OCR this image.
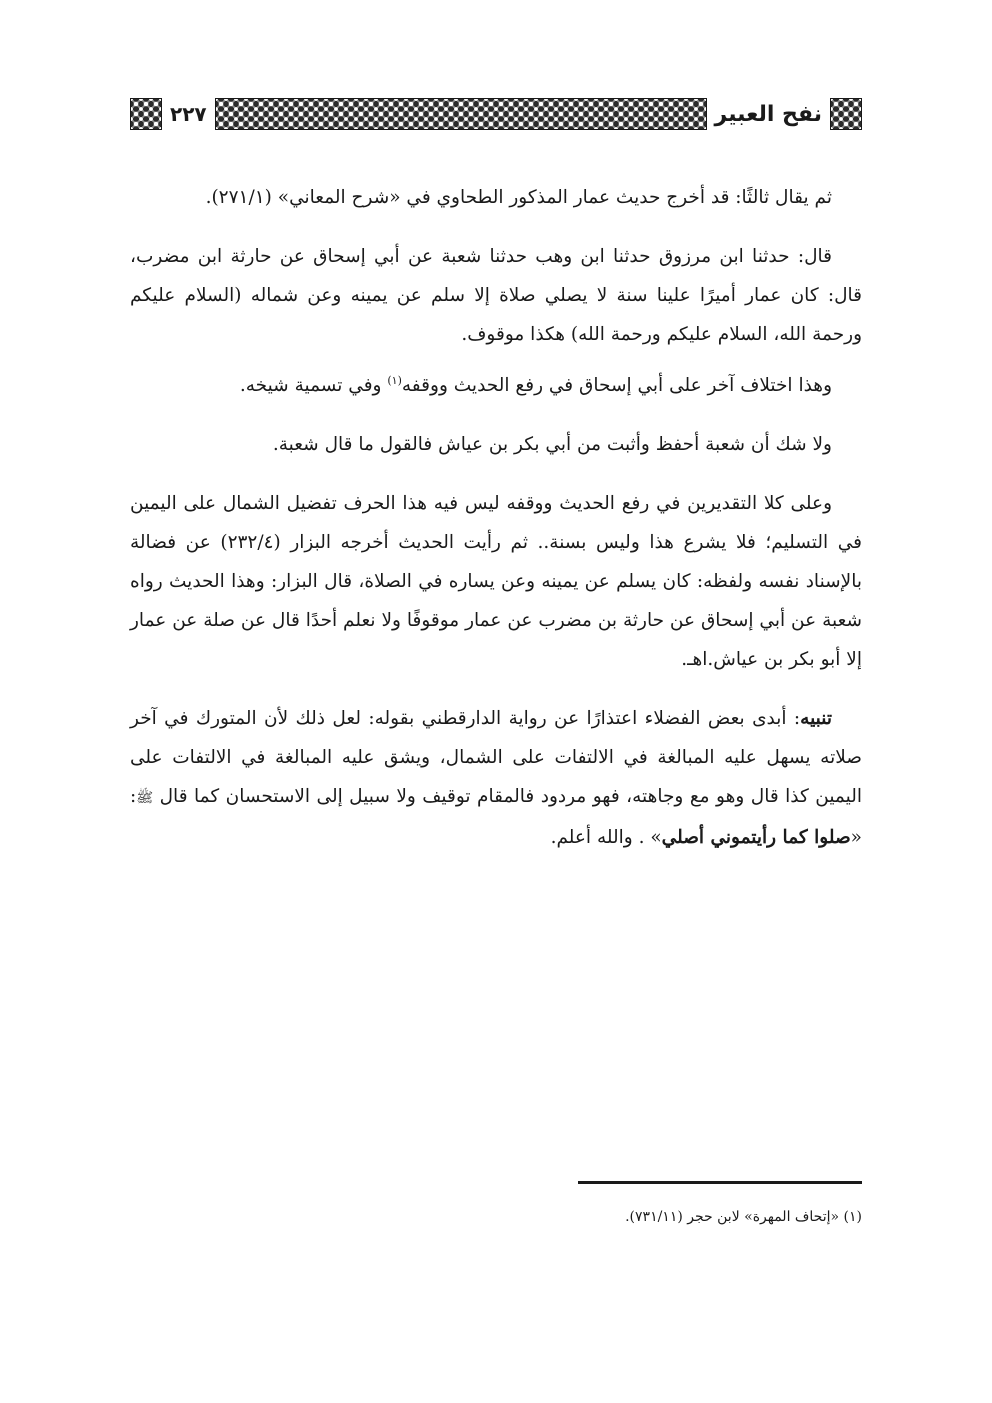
نفح العبير
٢٢٧

ثم يقال ثالثًا: قد أخرج حديث عمار المذكور الطحاوي في «شرح المعاني» (٢٧١/١).

قال: حدثنا ابن مرزوق حدثنا ابن وهب حدثنا شعبة عن أبي إسحاق عن حارثة ابن مضرب، قال: كان عمار أميرًا علينا سنة لا يصلي صلاة إلا سلم عن يمينه وعن شماله (السلام عليكم ورحمة الله، السلام عليكم ورحمة الله) هكذا موقوف.

وهذا اختلاف آخر على أبي إسحاق في رفع الحديث ووقفه$^{(١)}$ وفي تسمية شيخه.

ولا شك أن شعبة أحفظ وأثبت من أبي بكر بن عياش فالقول ما قال شعبة.

وعلى كلا التقديرين في رفع الحديث ووقفه ليس فيه هذا الحرف تفضيل الشمال على اليمين في التسليم؛ فلا يشرع هذا وليس بسنة.. ثم رأيت الحديث أخرجه البزار (٢٣٢/٤) عن فضالة بالإسناد نفسه ولفظه: كان يسلم عن يمينه وعن يساره في الصلاة، قال البزار: وهذا الحديث رواه شعبة عن أبي إسحاق عن حارثة بن مضرب عن عمار موقوفًا ولا نعلم أحدًا قال عن صلة عن عمار إلا أبو بكر بن عياش.اهـ.

تنبيه: أبدى بعض الفضلاء اعتذارًا عن رواية الدارقطني بقوله: لعل ذلك لأن المتورك في آخر صلاته يسهل عليه المبالغة في الالتفات على الشمال، ويشق عليه المبالغة في الالتفات على اليمين كذا قال وهو مع وجاهته، فهو مردود فالمقام توقيف ولا سبيل إلى الاستحسان كما قال ﷺ: «صلوا كما رأيتموني أصلي» . والله أعلم.

(١) «إتحاف المهرة» لابن حجر (٧٣١/١١).
